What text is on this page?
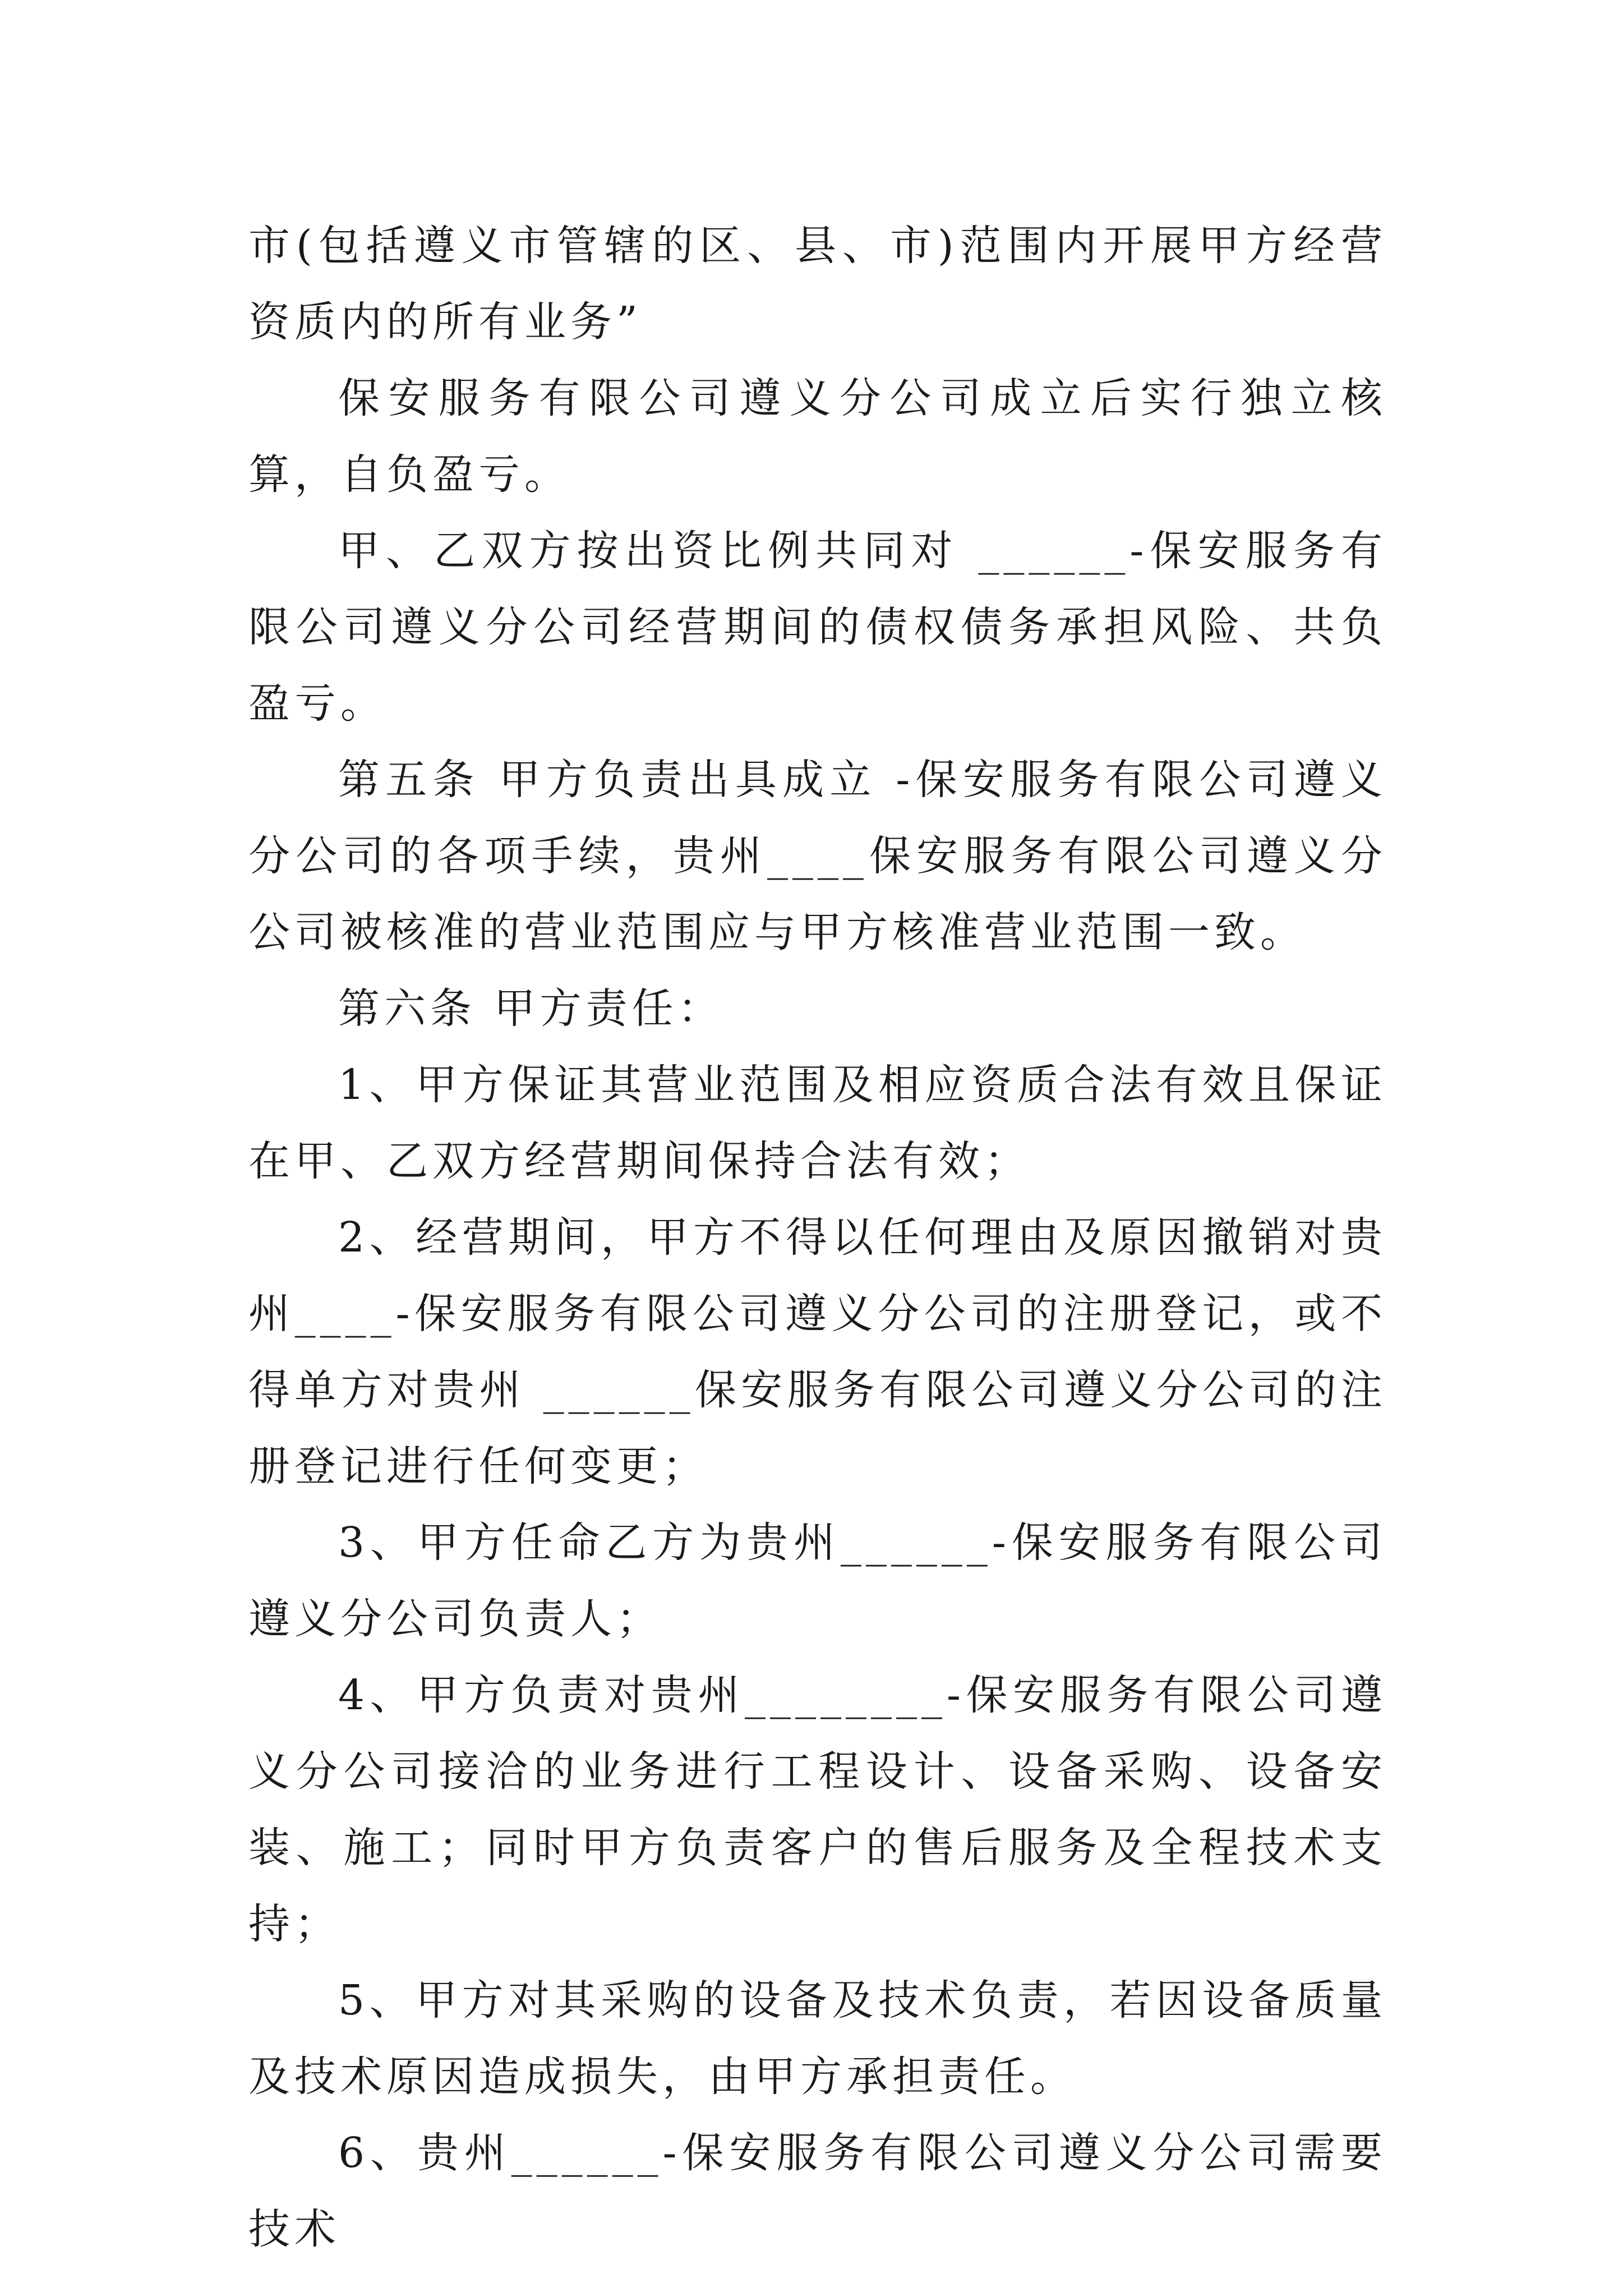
市(包括遵义市管辖的区、县、市)范围内开展甲方经营资质内的所有业务”

保安服务有限公司遵义分公司成立后实行独立核算，自负盈亏。

甲、乙双方按出资比例共同对 ______-保安服务有限公司遵义分公司经营期间的债权债务承担风险、共负盈亏。

第五条 甲方负责出具成立 -保安服务有限公司遵义分公司的各项手续，贵州____保安服务有限公司遵义分公司被核准的营业范围应与甲方核准营业范围一致。

第六条 甲方责任：

1、甲方保证其营业范围及相应资质合法有效且保证在甲、乙双方经营期间保持合法有效；

2、经营期间，甲方不得以任何理由及原因撤销对贵州____-保安服务有限公司遵义分公司的注册登记，或不得单方对贵州 ______保安服务有限公司遵义分公司的注册登记进行任何变更；

3、甲方任命乙方为贵州______-保安服务有限公司遵义分公司负责人；

4、甲方负责对贵州________-保安服务有限公司遵义分公司接洽的业务进行工程设计、设备采购、设备安装、施工；同时甲方负责客户的售后服务及全程技术支持；

5、甲方对其采购的设备及技术负责，若因设备质量及技术原因造成损失，由甲方承担责任。

6、贵州______-保安服务有限公司遵义分公司需要技术
